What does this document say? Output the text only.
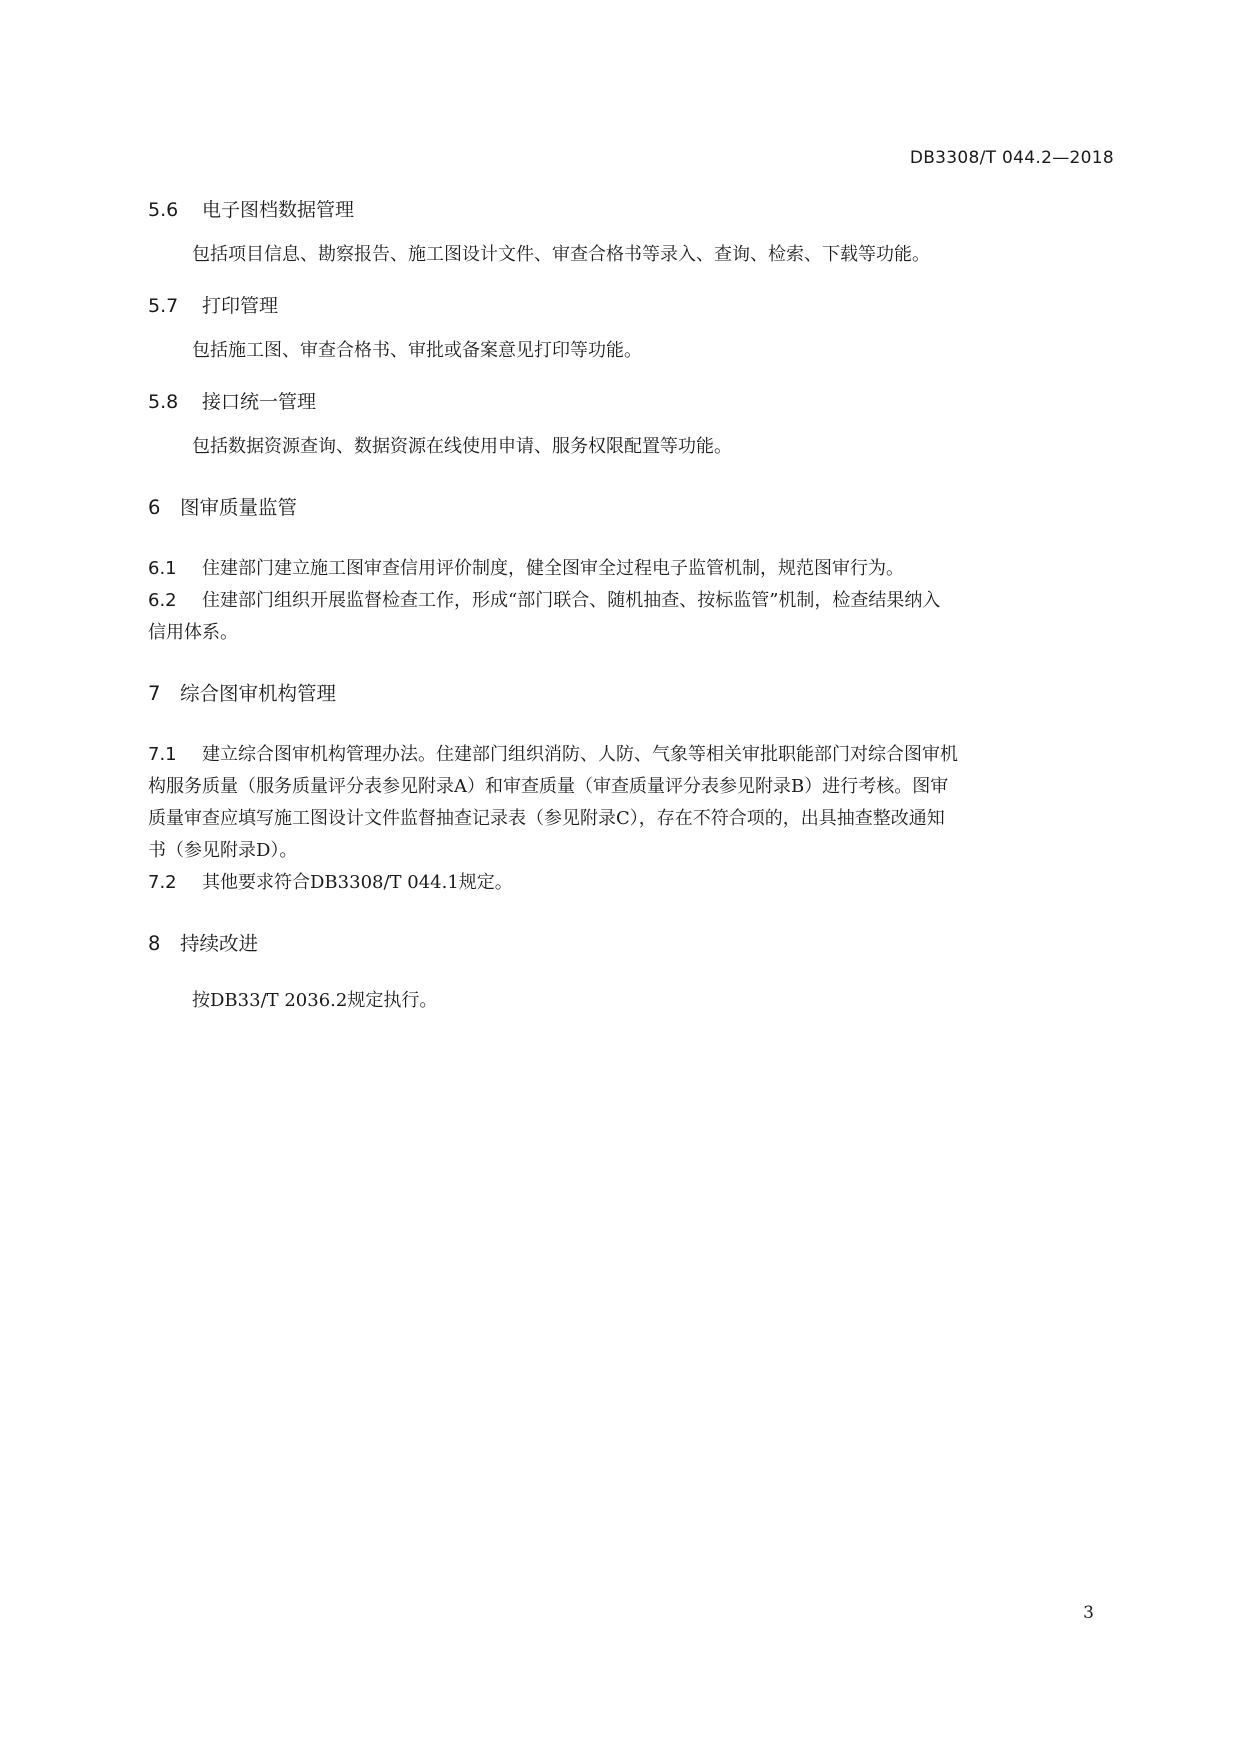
DB3308/T 044.2—2018
5.6 电子图档数据管理
包括项目信息、勘察报告、施工图设计文件、审查合格书等录入、查询、检索、下载等功能。
5.7 打印管理
包括施工图、审查合格书、审批或备案意见打印等功能。
5.8 接口统一管理
包括数据资源查询、数据资源在线使用申请、服务权限配置等功能。
6 图审质量监管
6.1 住建部门建立施工图审查信用评价制度，健全图审全过程电子监管机制，规范图审行为。
6.2 住建部门组织开展监督检查工作，形成“部门联合、随机抽查、按标监管”机制，检查结果纳入
信用体系。
7 综合图审机构管理
7.1 建立综合图审机构管理办法。住建部门组织消防、人防、气象等相关审批职能部门对综合图审机
构服务质量（服务质量评分表参见附录A）和审查质量（审查质量评分表参见附录B）进行考核。图审
质量审查应填写施工图设计文件监督抽查记录表（参见附录C），存在不符合项的，出具抽查整改通知
书（参见附录D）。
7.2 其他要求符合DB3308/T 044.1规定。
8 持续改进
按DB33/T 2036.2规定执行。
3
